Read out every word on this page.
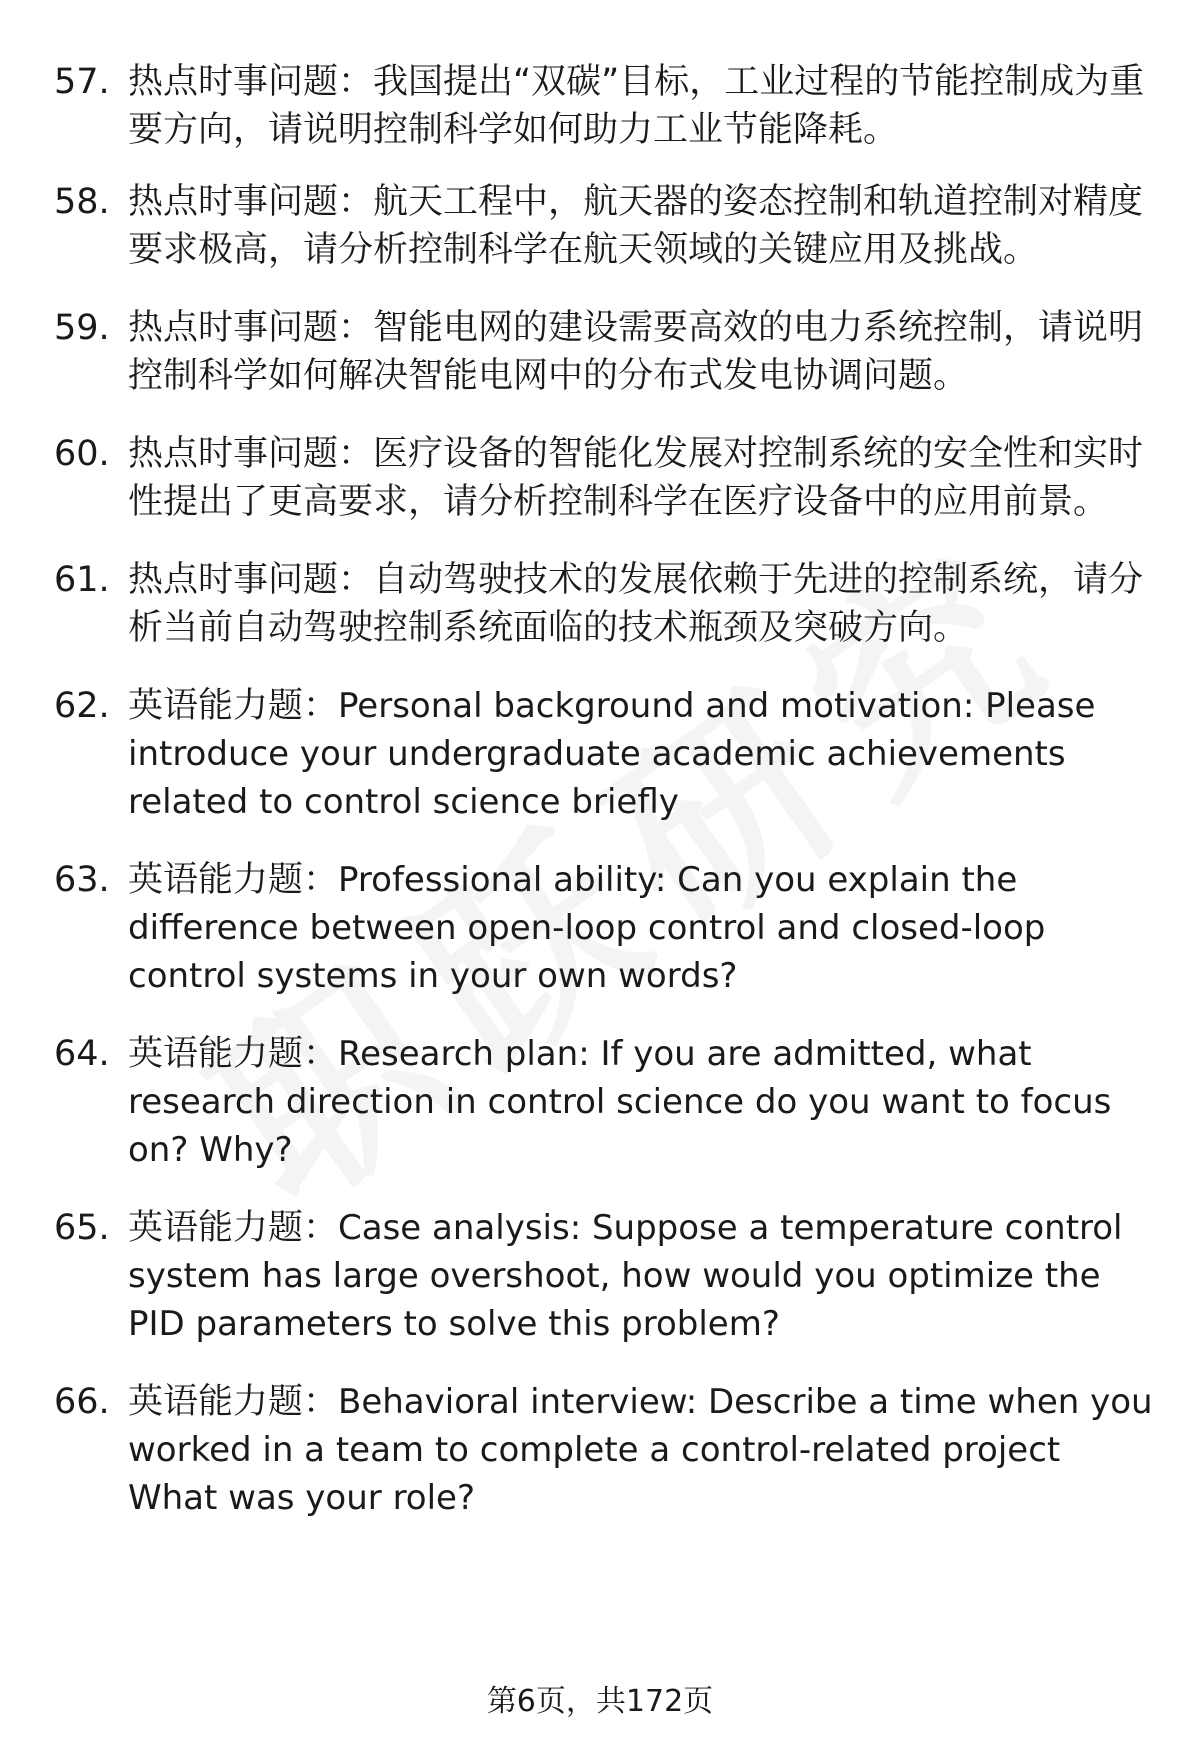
57. 热点时事问题：我国提出“双碳”目标，工业过程的节能控制成为重要方向，请说明控制科学如何助力工业节能降耗。
58. 热点时事问题：航天工程中，航天器的姿态控制和轨道控制对精度要求极高，请分析控制科学在航天领域的关键应用及挑战。
59. 热点时事问题：智能电网的建设需要高效的电力系统控制，请说明控制科学如何解决智能电网中的分布式发电协调问题。
60. 热点时事问题：医疗设备的智能化发展对控制系统的安全性和实时性提出了更高要求，请分析控制科学在医疗设备中的应用前景。
61. 热点时事问题：自动驾驶技术的发展依赖于先进的控制系统，请分析当前自动驾驶控制系统面临的技术瓶颈及突破方向。
62. 英语能力题：Personal background and motivation: Please introduce your undergraduate academic achievements related to control science briefly
63. 英语能力题：Professional ability: Can you explain the difference between open-loop control and closed-loop control systems in your own words?
64. 英语能力题：Research plan: If you are admitted, what research direction in control science do you want to focus on? Why?
65. 英语能力题：Case analysis: Suppose a temperature control system has large overshoot, how would you optimize the PID parameters to solve this problem?
66. 英语能力题：Behavioral interview: Describe a time when you worked in a team to complete a control-related project What was your role?
第6页，共172页
